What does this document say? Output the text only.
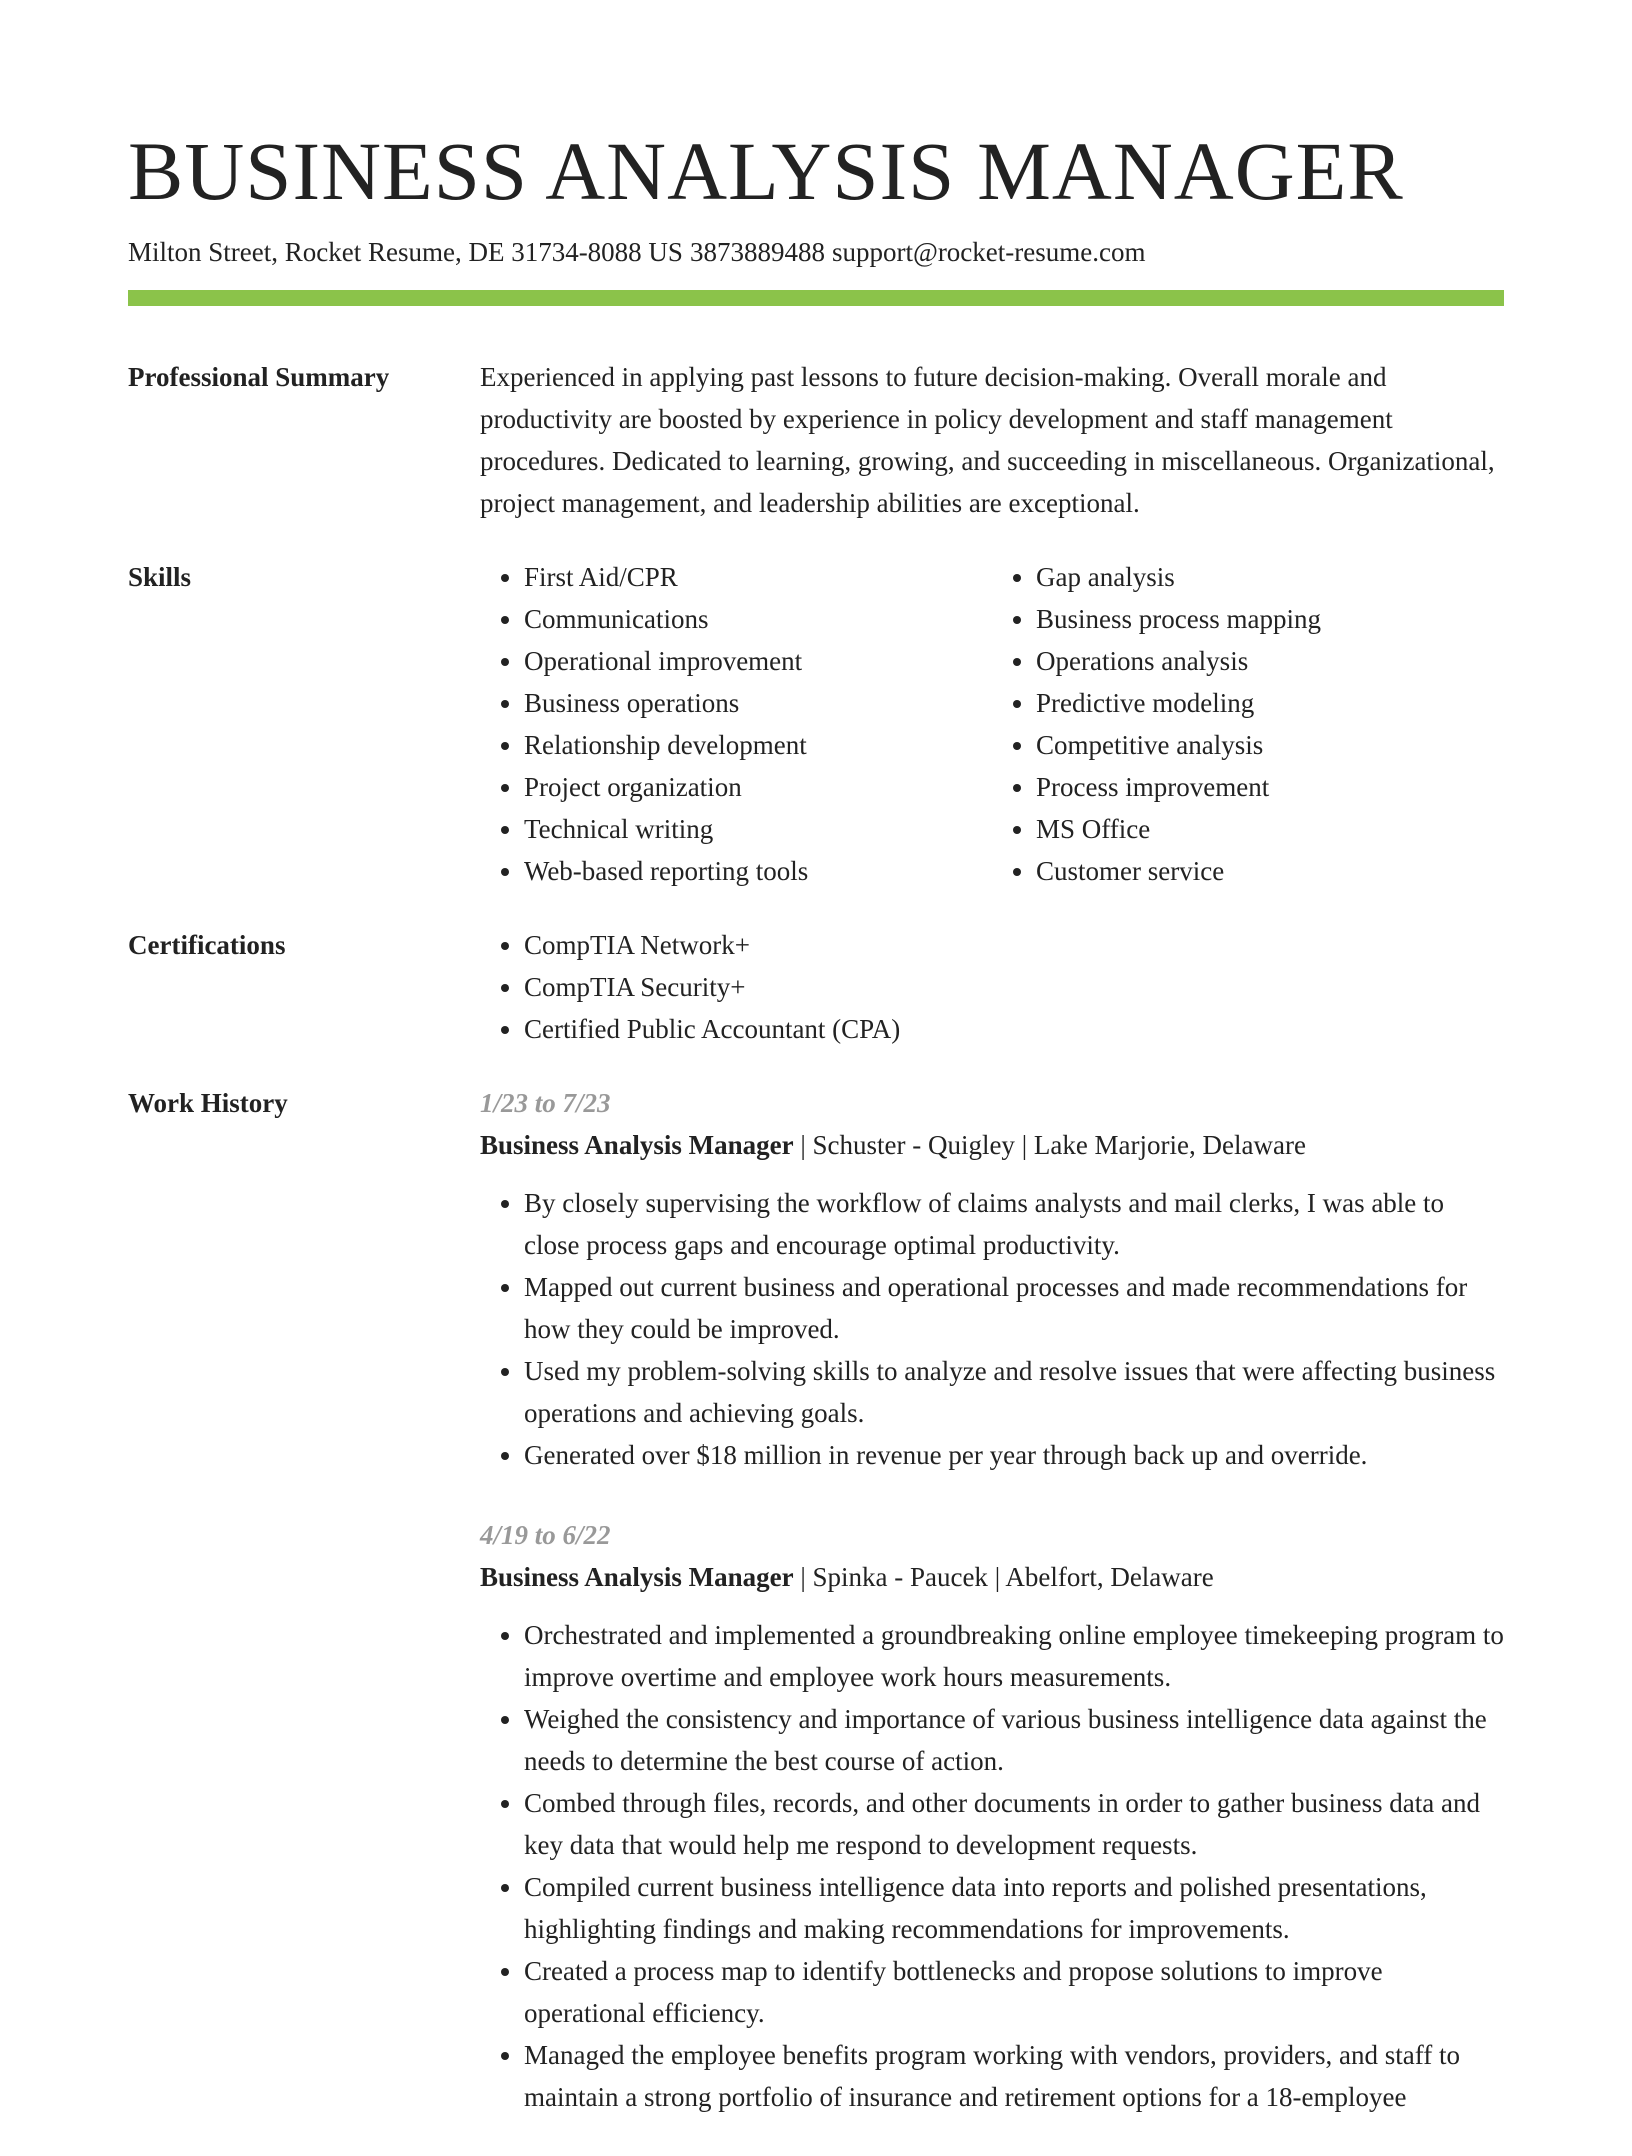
BUSINESS ANALYSIS MANAGER
Milton Street, Rocket Resume, DE 31734-8088 US 3873889488 support@rocket-resume.com
Professional Summary	Experienced in applying past lessons to future decision-making. Overall morale and productivity are boosted by experience in policy development and staff management procedures. Dedicated to learning, growing, and succeeding in miscellaneous. Organizational, project management, and leadership abilities are exceptional.

Skills	• First Aid/CPR
• Communications
• Operational improvement
• Business operations
• Relationship development
• Project organization
• Technical writing
• Web-based reporting tools
• Gap analysis
• Business process mapping
• Operations analysis
• Predictive modeling
• Competitive analysis
• Process improvement
• MS Office
• Customer service
Certifications	• CompTIA Network+
• CompTIA Security+
• Certified Public Accountant (CPA)
Work History	1/23 to 7/23
Business Analysis Manager | Schuster - Quigley | Lake Marjorie, Delaware
• By closely supervising the workflow of claims analysts and mail clerks, I was able to close process gaps and encourage optimal productivity.
• Mapped out current business and operational processes and made recommendations for how they could be improved.
• Used my problem-solving skills to analyze and resolve issues that were affecting business operations and achieving goals.
• Generated over $18 million in revenue per year through back up and override.
4/19 to 6/22
Business Analysis Manager | Spinka - Paucek | Abelfort, Delaware
• Orchestrated and implemented a groundbreaking online employee timekeeping program to improve overtime and employee work hours measurements.
• Weighed the consistency and importance of various business intelligence data against the needs to determine the best course of action.
• Combed through files, records, and other documents in order to gather business data and key data that would help me respond to development requests.
• Compiled current business intelligence data into reports and polished presentations, highlighting findings and making recommendations for improvements.
• Created a process map to identify bottlenecks and propose solutions to improve operational efficiency.
• Managed the employee benefits program working with vendors, providers, and staff to maintain a strong portfolio of insurance and retirement options for a 18-employee
